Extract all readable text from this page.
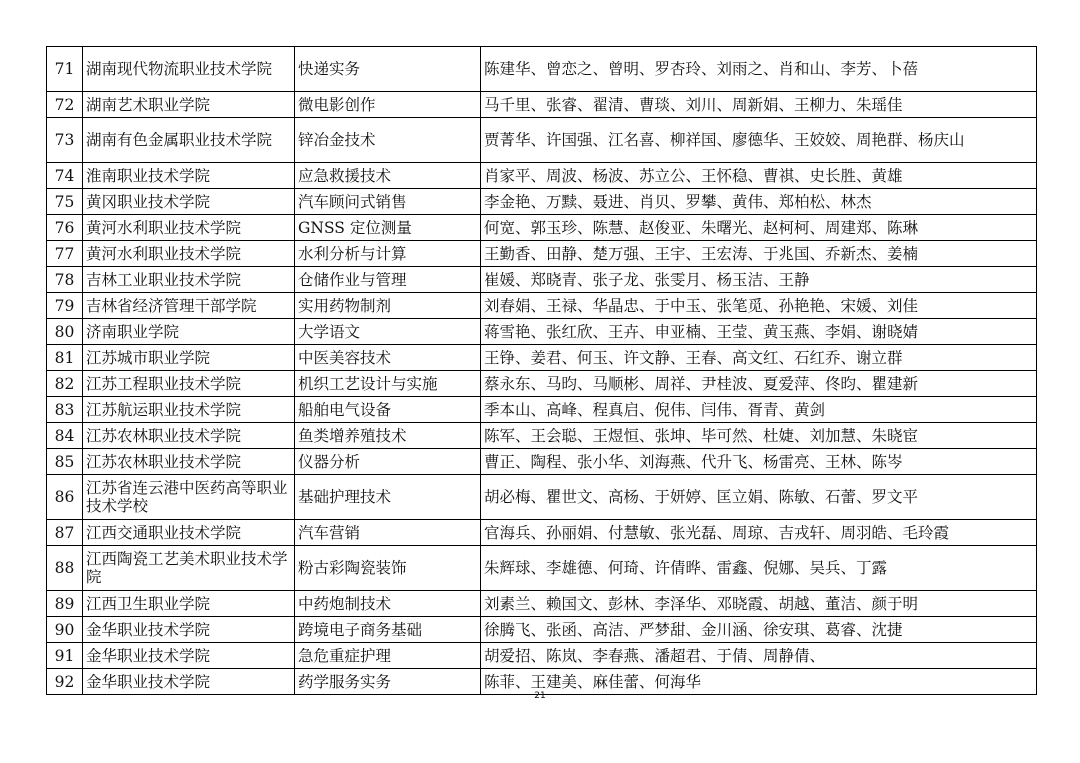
71	湖南现代物流职业技术学院	快递实务	陈建华、曾恋之、曾明、罗杏玲、刘雨之、肖和山、李芳、卜蓓
72	湖南艺术职业学院	微电影创作	马千里、张睿、翟清、曹琰、刘川、周新娟、王柳力、朱瑶佳
73	湖南有色金属职业技术学院	锌冶金技术	贾菁华、许国强、江名喜、柳祥国、廖德华、王姣姣、周艳群、杨庆山
74	淮南职业技术学院	应急救援技术	肖家平、周波、杨波、苏立公、王怀稳、曹祺、史长胜、黄雄
75	黄冈职业技术学院	汽车顾问式销售	李金艳、万黩、聂进、肖贝、罗攀、黄伟、郑柏松、林杰
76	黄河水利职业技术学院	GNSS 定位测量	何宽、郭玉珍、陈慧、赵俊亚、朱曙光、赵柯柯、周建郑、陈琳
77	黄河水利职业技术学院	水利分析与计算	王勤香、田静、楚万强、王宇、王宏涛、于兆国、乔新杰、姜楠
78	吉林工业职业技术学院	仓储作业与管理	崔媛、郑晓青、张子龙、张雯月、杨玉洁、王静
79	吉林省经济管理干部学院	实用药物制剂	刘春娟、王禄、华晶忠、于中玉、张笔觅、孙艳艳、宋媛、刘佳
80	济南职业学院	大学语文	蒋雪艳、张红欣、王卉、申亚楠、王莹、黄玉燕、李娟、谢晓婧
81	江苏城市职业学院	中医美容技术	王铮、姜君、何玉、许文静、王春、高文红、石红乔、谢立群
82	江苏工程职业技术学院	机织工艺设计与实施	蔡永东、马昀、马顺彬、周祥、尹桂波、夏爱萍、佟昀、瞿建新
83	江苏航运职业技术学院	船舶电气设备	季本山、高峰、程真启、倪伟、闫伟、胥青、黄剑
84	江苏农林职业技术学院	鱼类增养殖技术	陈军、王会聪、王煜恒、张坤、毕可然、杜婕、刘加慧、朱晓宦
85	江苏农林职业技术学院	仪器分析	曹正、陶程、张小华、刘海燕、代升飞、杨雷亮、王林、陈岑
86	江苏省连云港中医药高等职业技术学校	基础护理技术	胡必梅、瞿世文、高杨、于妍婷、匡立娟、陈敏、石蕾、罗文平
87	江西交通职业技术学院	汽车营销	官海兵、孙丽娟、付慧敏、张光磊、周琼、吉戎轩、周羽皓、毛玲霞
88	江西陶瓷工艺美术职业技术学院	粉古彩陶瓷装饰	朱辉球、李雄德、何琦、许倩晔、雷鑫、倪娜、吴兵、丁露
89	江西卫生职业学院	中药炮制技术	刘素兰、赖国文、彭林、李泽华、邓晓霞、胡越、董洁、颜于明
90	金华职业技术学院	跨境电子商务基础	徐腾飞、张函、高洁、严梦甜、金川涵、徐安琪、葛睿、沈捷
91	金华职业技术学院	急危重症护理	胡爱招、陈岚、李春燕、潘超君、于倩、周静倩、
92	金华职业技术学院	药学服务实务	陈菲、王建美、麻佳蕾、何海华
21
